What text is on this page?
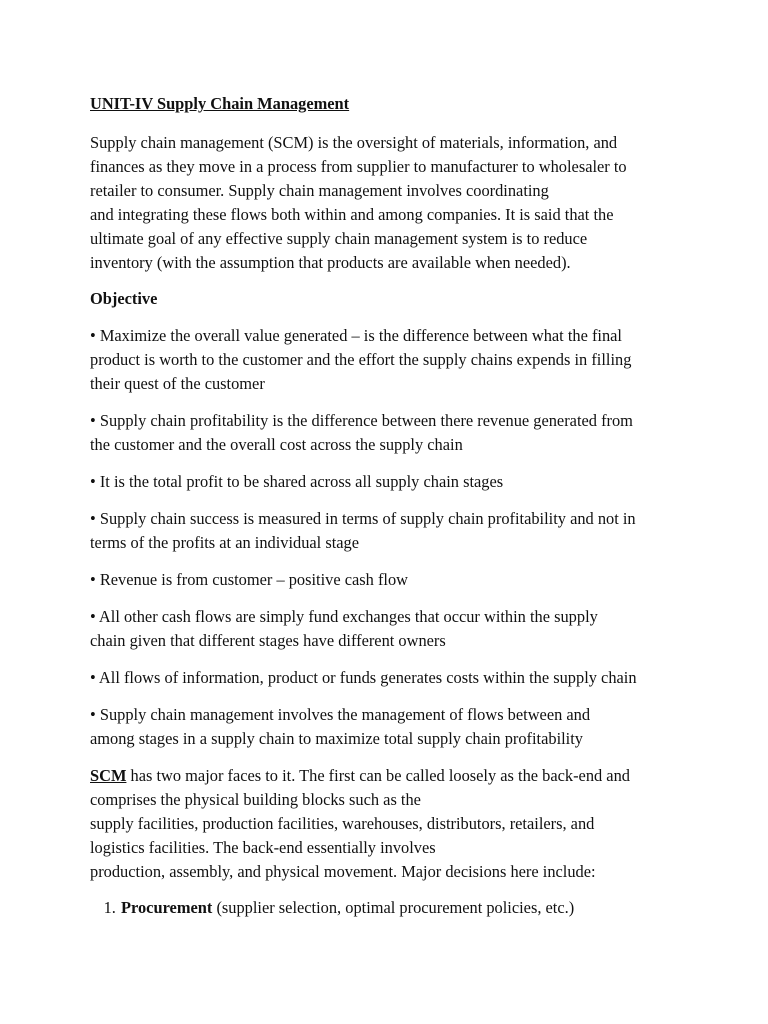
UNIT-IV Supply Chain Management

Supply chain management (SCM) is the oversight of materials, information, and
finances as they move in a process from supplier to manufacturer to wholesaler to
retailer to consumer. Supply chain management involves coordinating
and integrating these flows both within and among companies. It is said that the
ultimate goal of any effective supply chain management system is to reduce
inventory (with the assumption that products are available when needed).

Objective

• Maximize the overall value generated – is the difference between what the final
product is worth to the customer and the effort the supply chains expends in filling
their quest of the customer

• Supply chain profitability is the difference between there revenue generated from
the customer and the overall cost across the supply chain

• It is the total profit to be shared across all supply chain stages

• Supply chain success is measured in terms of supply chain profitability and not in
terms of the profits at an individual stage

• Revenue is from customer – positive cash flow

• All other cash flows are simply fund exchanges that occur within the supply
chain given that different stages have different owners

• All flows of information, product or funds generates costs within the supply chain

• Supply chain management involves the management of flows between and
among stages in a supply chain to maximize total supply chain profitability

SCM has two major faces to it. The first can be called loosely as the back-end and
comprises the physical building blocks such as the
supply facilities, production facilities, warehouses, distributors, retailers, and
logistics facilities. The back-end essentially involves
production, assembly, and physical movement. Major decisions here include:

1. Procurement (supplier selection, optimal procurement policies, etc.)
